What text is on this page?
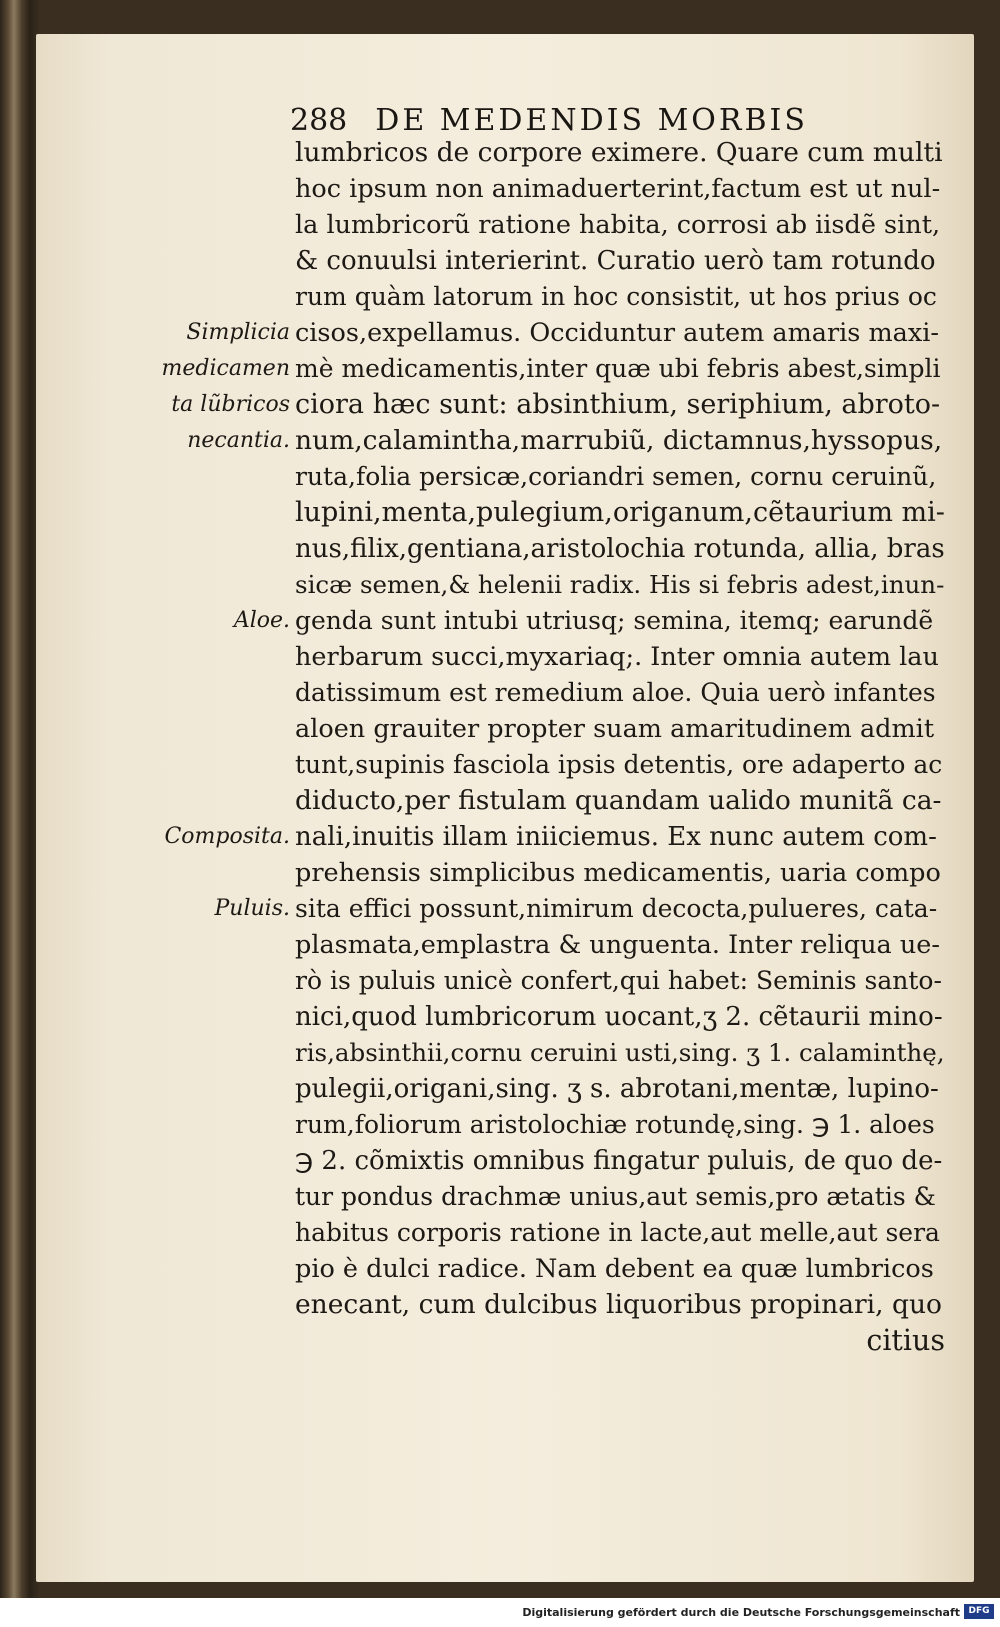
288 DE MEDENDIS MORBIS
Simplicia
medicamen
ta lũbricos
necantia.
Aloe.
Composita.
Puluis.
lumbricos de corpore eximere. Quare cum multi
hoc ipsum non animaduerterint,factum est ut nul-
la lumbricorũ ratione habita, corrosi ab iisdẽ sint,
& conuulsi interierint. Curatio uerò tam rotundo
rum quàm latorum in hoc consistit, ut hos prius oc
cisos,expellamus. Occiduntur autem amaris maxi-
mè medicamentis,inter quæ ubi febris abest,simpli
ciora hæc sunt: absinthium, seriphium, abroto-
num,calamintha,marrubiũ, dictamnus,hyssopus,
ruta,folia persicæ,coriandri semen, cornu ceruinũ,
lupini,menta,pulegium,origanum,cẽtaurium mi-
nus,filix,gentiana,aristolochia rotunda, allia, bras
sicæ semen,& helenii radix. His si febris adest,inun-
genda sunt intubi utriusq; semina, itemq; earundẽ
herbarum succi,myxariaq;. Inter omnia autem lau
datissimum est remedium aloe. Quia uerò infantes
aloen grauiter propter suam amaritudinem admit
tunt,supinis fasciola ipsis detentis, ore adaperto ac
diducto,per fistulam quandam ualido munitã ca-
nali,inuitis illam iniiciemus. Ex nunc autem com-
prehensis simplicibus medicamentis, uaria compo
sita effici possunt,nimirum decocta,pulueres, cata-
plasmata,emplastra & unguenta. Inter reliqua ue-
rò is puluis unicè confert,qui habet: Seminis santo-
nici,quod lumbricorum uocant,ʒ 2. cẽtaurii mino-
ris,absinthii,cornu ceruini usti,sing. ʒ 1. calaminthę,
pulegii,origani,sing. ʒ s. abrotani,mentæ, lupino-
rum,foliorum aristolochiæ rotundę,sing. ℈ 1. aloes
℈ 2. cõmixtis omnibus fingatur puluis, de quo de-
tur pondus drachmæ unius,aut semis,pro ætatis &
habitus corporis ratione in lacte,aut melle,aut sera
pio è dulci radice. Nam debent ea quæ lumbricos
enecant, cum dulcibus liquoribus propinari, quo
citius
Digitalisierung gefördert durch die Deutsche Forschungsgemeinschaft DFG
